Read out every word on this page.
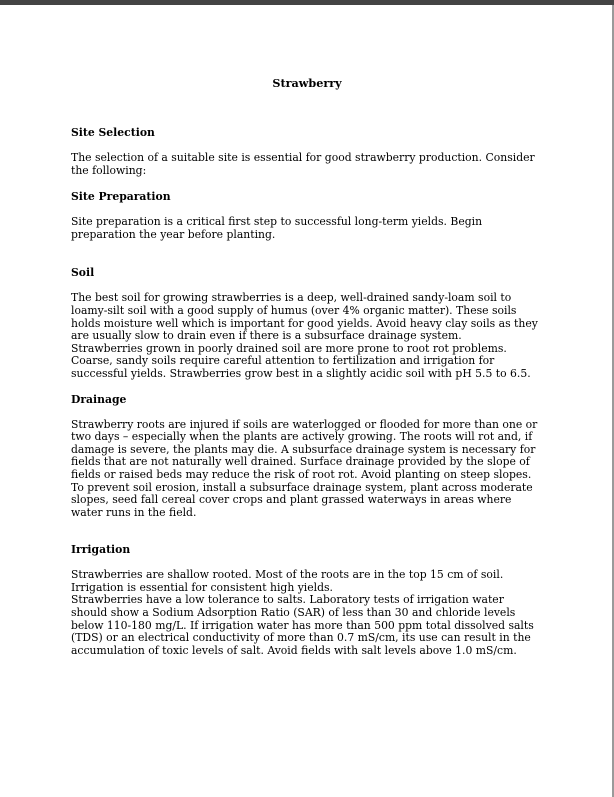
Strawberry
Site Selection

The selection of a suitable site is essential for good strawberry production. Consider the following:

Site Preparation

Site preparation is a critical first step to successful long-term yields. Begin preparation the year before planting.

Soil

The best soil for growing strawberries is a deep, well-drained sandy-loam soil to loamy-silt soil with a good supply of humus (over 4% organic matter). These soils holds moisture well which is important for good yields. Avoid heavy clay soils as they are usually slow to drain even if there is a subsurface drainage system.

Strawberries grown in poorly drained soil are more prone to root rot problems. Coarse, sandy soils require careful attention to fertilization and irrigation for successful yields. Strawberries grow best in a slightly acidic soil with pH 5.5 to 6.5.

Drainage

Strawberry roots are injured if soils are waterlogged or flooded for more than one or two days – especially when the plants are actively growing. The roots will rot and, if damage is severe, the plants may die. A subsurface drainage system is necessary for fields that are not naturally well drained. Surface drainage provided by the slope of fields or raised beds may reduce the risk of root rot. Avoid planting on steep slopes. To prevent soil erosion, install a subsurface drainage system, plant across moderate slopes, seed fall cereal cover crops and plant grassed waterways in areas where water runs in the field.

Irrigation

Strawberries are shallow rooted. Most of the roots are in the top 15 cm of soil.

Irrigation is essential for consistent high yields.

Strawberries have a low tolerance to salts. Laboratory tests of irrigation water should show a Sodium Adsorption Ratio (SAR) of less than 30 and chloride levels below 110-180 mg/L. If irrigation water has more than 500 ppm total dissolved salts (TDS) or an electrical conductivity of more than 0.7 mS/cm, its use can result in the accumulation of toxic levels of salt. Avoid fields with salt levels above 1.0 mS/cm.
